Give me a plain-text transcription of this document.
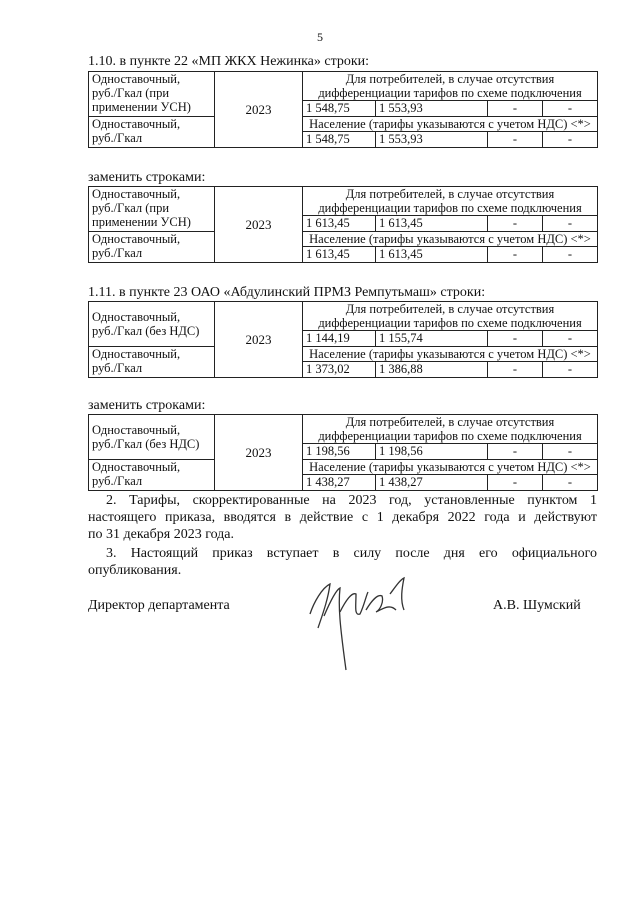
5
1.10. в пункте 22 «МП ЖКХ Нежинка» строки:
Одноставочный,
руб./Гкал (при
применении УСН)	2023	Для потребителей, в случае отсутствия
дифференциации тарифов по схеме подключения			
		1 548,75	1 553,93	-	-
Одноставочный,
руб./Гкал		Население (тарифы указываются с учетом НДС) <*>			
		1 548,75	1 553,93	-	-
заменить строками:
Одноставочный,
руб./Гкал (при
применении УСН)	2023	Для потребителей, в случае отсутствия
дифференциации тарифов по схеме подключения			
		1 613,45	1 613,45	-	-
Одноставочный,
руб./Гкал		Население (тарифы указываются с учетом НДС) <*>			
		1 613,45	1 613,45	-	-
1.11. в пункте 23 ОАО «Абдулинский ПРМЗ Ремпутьмаш» строки:
Одноставочный,
руб./Гкал (без НДС)	2023	Для потребителей, в случае отсутствия
дифференциации тарифов по схеме подключения			
		1 144,19	1 155,74	-	-
Одноставочный,
руб./Гкал		Население (тарифы указываются с учетом НДС) <*>			
		1 373,02	1 386,88	-	-
заменить строками:
Одноставочный,
руб./Гкал (без НДС)	2023	Для потребителей, в случае отсутствия
дифференциации тарифов по схеме подключения			
		1 198,56	1 198,56	-	-
Одноставочный,
руб./Гкал		Население (тарифы указываются с учетом НДС) <*>			
		1 438,27	1 438,27	-	-
2. Тарифы, скорректированные на 2023 год, установленные пунктом 1
настоящего приказа, вводятся в действие с 1 декабря 2022 года и действуют
по 31 декабря 2023 года.
3. Настоящий приказ вступает в силу после дня его официального
опубликования.
Директор департамента	А.В. Шумский
